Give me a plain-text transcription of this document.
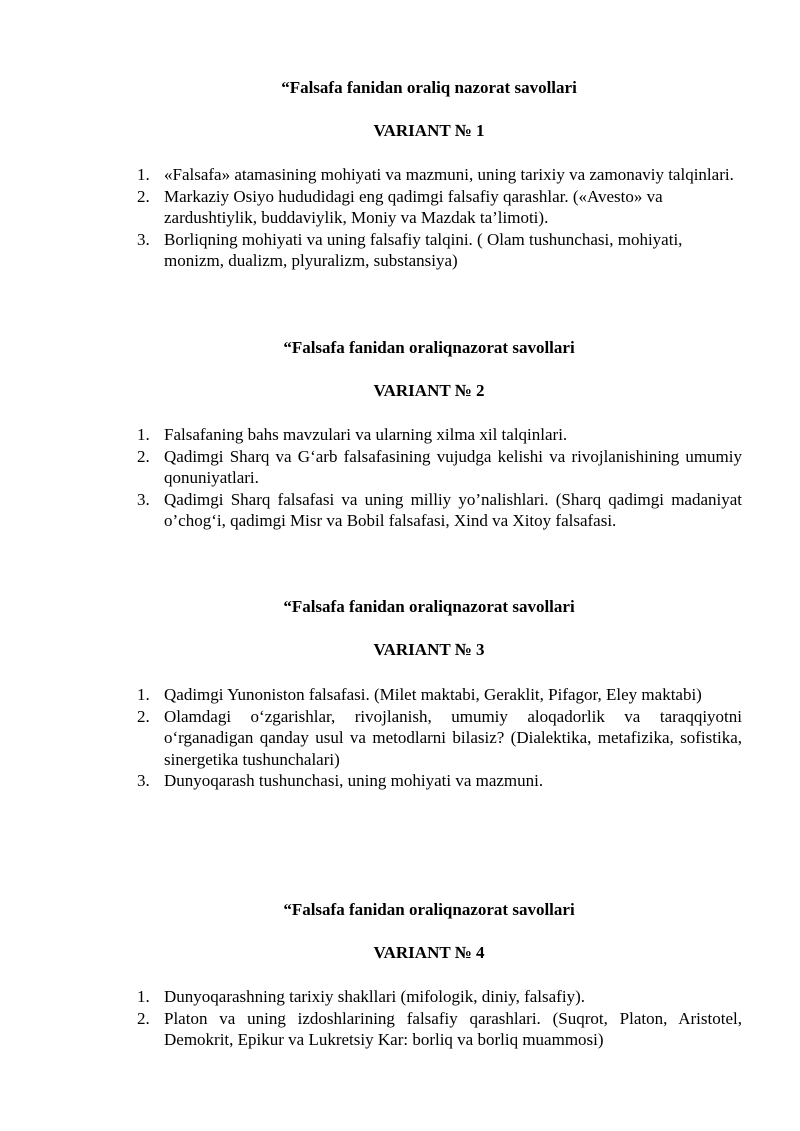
“Falsafa fanidan oraliq nazorat savollari
VARIANT № 1
1. «Falsafa» atamasining mohiyati va mazmuni, uning tarixiy va zamonaviy talqinlari.
2. Markaziy Osiyo hududidagi eng qadimgi falsafiy qarashlar. («Avesto» va zardushtiylik, buddaviylik, Moniy va Mazdak ta’limoti).
3. Borliqning mohiyati va uning falsafiy talqini. ( Olam tushunchasi, mohiyati, monizm, dualizm, plyuralizm, substansiya)
“Falsafa fanidan oraliqnazorat savollari
VARIANT № 2
1. Falsafaning bahs mavzulari va ularning xilma xil talqinlari.
2. Qadimgi Sharq va G‘arb falsafasining vujudga kelishi va rivojlanishining umumiy qonuniyatlari.
3. Qadimgi Sharq falsafasi va uning milliy yo’nalishlari. (Sharq qadimgi madaniyat o’chog‘i, qadimgi Misr va Bobil falsafasi, Xind va Xitoy falsafasi.
“Falsafa fanidan oraliqnazorat savollari
VARIANT № 3
1. Qadimgi Yunoniston falsafasi. (Milet maktabi, Geraklit, Pifagor, Eley maktabi)
2. Olamdagi o‘zgarishlar, rivojlanish, umumiy aloqadorlik va taraqqiyotni o‘rganadigan qanday usul va metodlarni bilasiz? (Dialektika, metafizika, sofistika, sinergetika tushunchalari)
3. Dunyoqarash tushunchasi, uning mohiyati va mazmuni.
“Falsafa fanidan oraliqnazorat savollari
VARIANT № 4
1. Dunyoqarashning tarixiy shakllari (mifologik, diniy, falsafiy).
2. Platon va uning izdoshlarining falsafiy qarashlari. (Suqrot, Platon, Aristotel, Demokrit, Epikur va Lukretsiy Kar: borliq va borliq muammosi)
